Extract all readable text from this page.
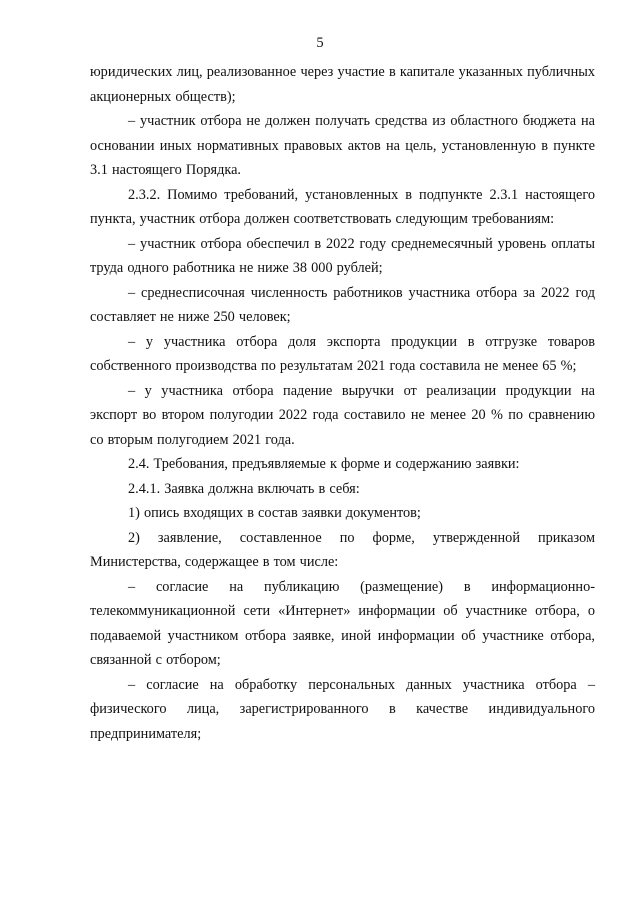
5

юридических лиц, реализованное через участие в капитале указанных публичных акционерных обществ);

– участник отбора не должен получать средства из областного бюджета на основании иных нормативных правовых актов на цель, установленную в пункте 3.1 настоящего Порядка.

2.3.2. Помимо требований, установленных в подпункте 2.3.1 настоящего пункта, участник отбора должен соответствовать следующим требованиям:

– участник отбора обеспечил в 2022 году среднемесячный уровень оплаты труда одного работника не ниже 38 000 рублей;

– среднесписочная численность работников участника отбора за 2022 год составляет не ниже 250 человек;

– у участника отбора доля экспорта продукции в отгрузке товаров собственного производства по результатам 2021 года составила не менее 65 %;

– у участника отбора падение выручки от реализации продукции на экспорт во втором полугодии 2022 года составило не менее 20 % по сравнению со вторым полугодием 2021 года.

2.4. Требования, предъявляемые к форме и содержанию заявки:

2.4.1. Заявка должна включать в себя:

1) опись входящих в состав заявки документов;

2) заявление, составленное по форме, утвержденной приказом Министерства, содержащее в том числе:

– согласие на публикацию (размещение) в информационно-телекоммуникационной сети «Интернет» информации об участнике отбора, о подаваемой участником отбора заявке, иной информации об участнике отбора, связанной с отбором;

– согласие на обработку персональных данных участника отбора – физического лица, зарегистрированного в качестве индивидуального предпринимателя;
